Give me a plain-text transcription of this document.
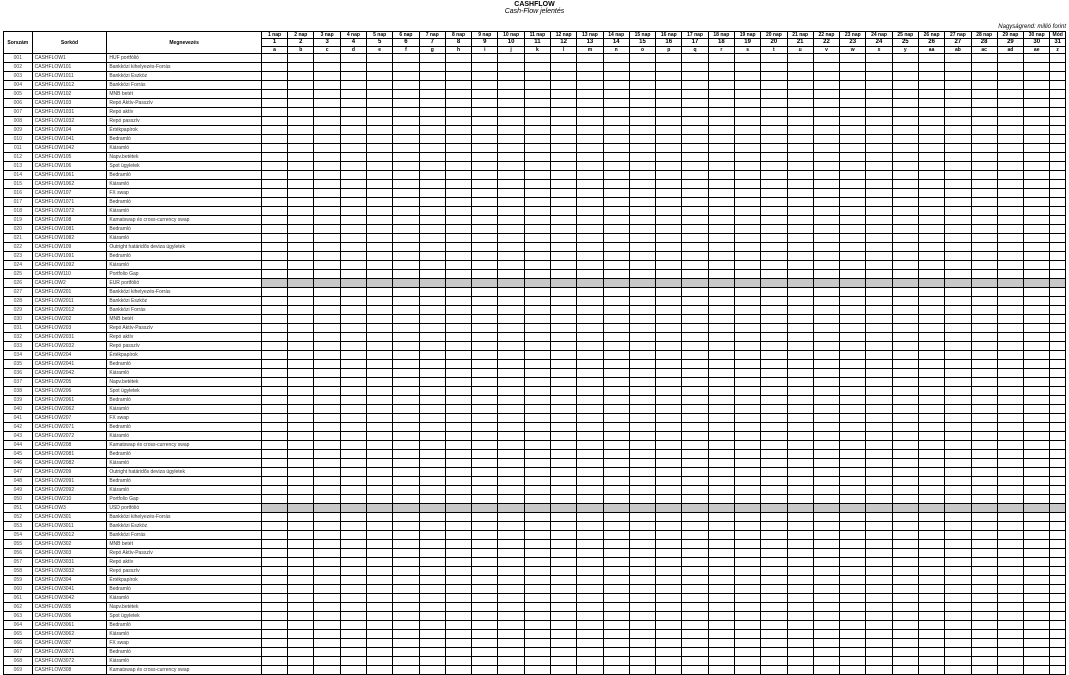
CASHFLOW
Cash-Flow jelentés
Nagyságrend: millió forint
Sorszám	Sorkód	Megnevezés	1 nap	2 nap	3 nap	4 nap	5 nap	6 nap	7 nap	8 nap	9 nap	10 nap	11 nap	12 nap	13 nap	14 nap	15 nap	16 nap	17 nap	18 nap	19 nap	20 nap	21 nap	22 nap	23 nap	24 nap	25 nap	26 nap	27 nap	28 nap	29 nap	30 nap	Mód
			1	2	3	4	5	6	7	8	9	10	11	12	13	14	15	16	17	18	19	20	21	22	23	24	25	26	27	28	29	30	31
			a	b	c	d	e	f	g	h	i	j	k	l	m	n	o	p	q	r	s	t	u	v	w	x	y	aa	ab	ac	ad	ae	z
001	CASHFLOW1	HUF portfólió																															
002	CASHFLOW101	Bankközi kihelyezés-Forrás																															
003	CASHFLOW1011	Bankközi Eszköz																															
004	CASHFLOW1012	Bankközi Forrás																															
005	CASHFLOW102	MNB betét																															
006	CASHFLOW103	Repó Aktív-Passzív																															
007	CASHFLOW1031	Repó aktív																															
008	CASHFLOW1032	Repó passzív																															
009	CASHFLOW104	Értékpapírok																															
010	CASHFLOW1041	Bedramló																															
011	CASHFLOW1042	Kiáramló																															
012	CASHFLOW105	Napv.betétek																															
013	CASHFLOW106	Spot ügyletek																															
014	CASHFLOW1061	Bedramló																															
015	CASHFLOW1062	Kiáramló																															
016	CASHFLOW107	FX swap																															
017	CASHFLOW1071	Bedramló																															
018	CASHFLOW1072	Kiáramló																															
019	CASHFLOW108	Kamatswap és cross-currency swap																															
020	CASHFLOW1081	Bedramló																															
021	CASHFLOW1082	Kiáramló																															
022	CASHFLOW109	Outright határidős deviza ügyletek																															
023	CASHFLOW1091	Bedramló																															
024	CASHFLOW1092	Kiáramló																															
025	CASHFLOW110	Portfolio Gap																															
026	CASHFLOW2	EUR portfólió																															
027	CASHFLOW201	Bankközi kihelyezés-Forrás																															
028	CASHFLOW2011	Bankközi Eszköz																															
029	CASHFLOW2012	Bankközi Forrás																															
030	CASHFLOW202	MNB betét																															
031	CASHFLOW203	Repó Aktív-Passzív																															
032	CASHFLOW2031	Repó aktív																															
033	CASHFLOW2032	Repó passzív																															
034	CASHFLOW204	Értékpapírok																															
035	CASHFLOW2041	Bedramló																															
036	CASHFLOW2042	Kiáramló																															
037	CASHFLOW205	Napv.betétek																															
038	CASHFLOW206	Spot ügyletek																															
039	CASHFLOW2061	Bedramló																															
040	CASHFLOW2062	Kiáramló																															
041	CASHFLOW207	FX swap																															
042	CASHFLOW2071	Bedramló																															
043	CASHFLOW2072	Kiáramló																															
044	CASHFLOW208	Kamatswap és cross-currency swap																															
045	CASHFLOW2081	Bedramló																															
046	CASHFLOW2082	Kiáramló																															
047	CASHFLOW209	Outright határidős deviza ügyletek																															
048	CASHFLOW2091	Bedramló																															
049	CASHFLOW2092	Kiáramló																															
050	CASHFLOW210	Portfolio Gap																															
051	CASHFLOW3	USD portfólió																															
052	CASHFLOW301	Bankközi kihelyezés-Forrás																															
053	CASHFLOW3011	Bankközi Eszköz																															
054	CASHFLOW3012	Bankközi Forrás																															
055	CASHFLOW302	MNB betét																															
056	CASHFLOW303	Repó Aktív-Passzív																															
057	CASHFLOW3031	Repó aktív																															
058	CASHFLOW3032	Repó passzív																															
059	CASHFLOW304	Értékpapírok																															
060	CASHFLOW3041	Bedramló																															
061	CASHFLOW3042	Kiáramló																															
062	CASHFLOW305	Napv.betétek																															
063	CASHFLOW306	Spot ügyletek																															
064	CASHFLOW3061	Bedramló																															
065	CASHFLOW3062	Kiáramló																															
066	CASHFLOW307	FX swap																															
067	CASHFLOW3071	Bedramló																															
068	CASHFLOW3072	Kiáramló																															
069	CASHFLOW308	Kamatswap és cross-currency swap																															
